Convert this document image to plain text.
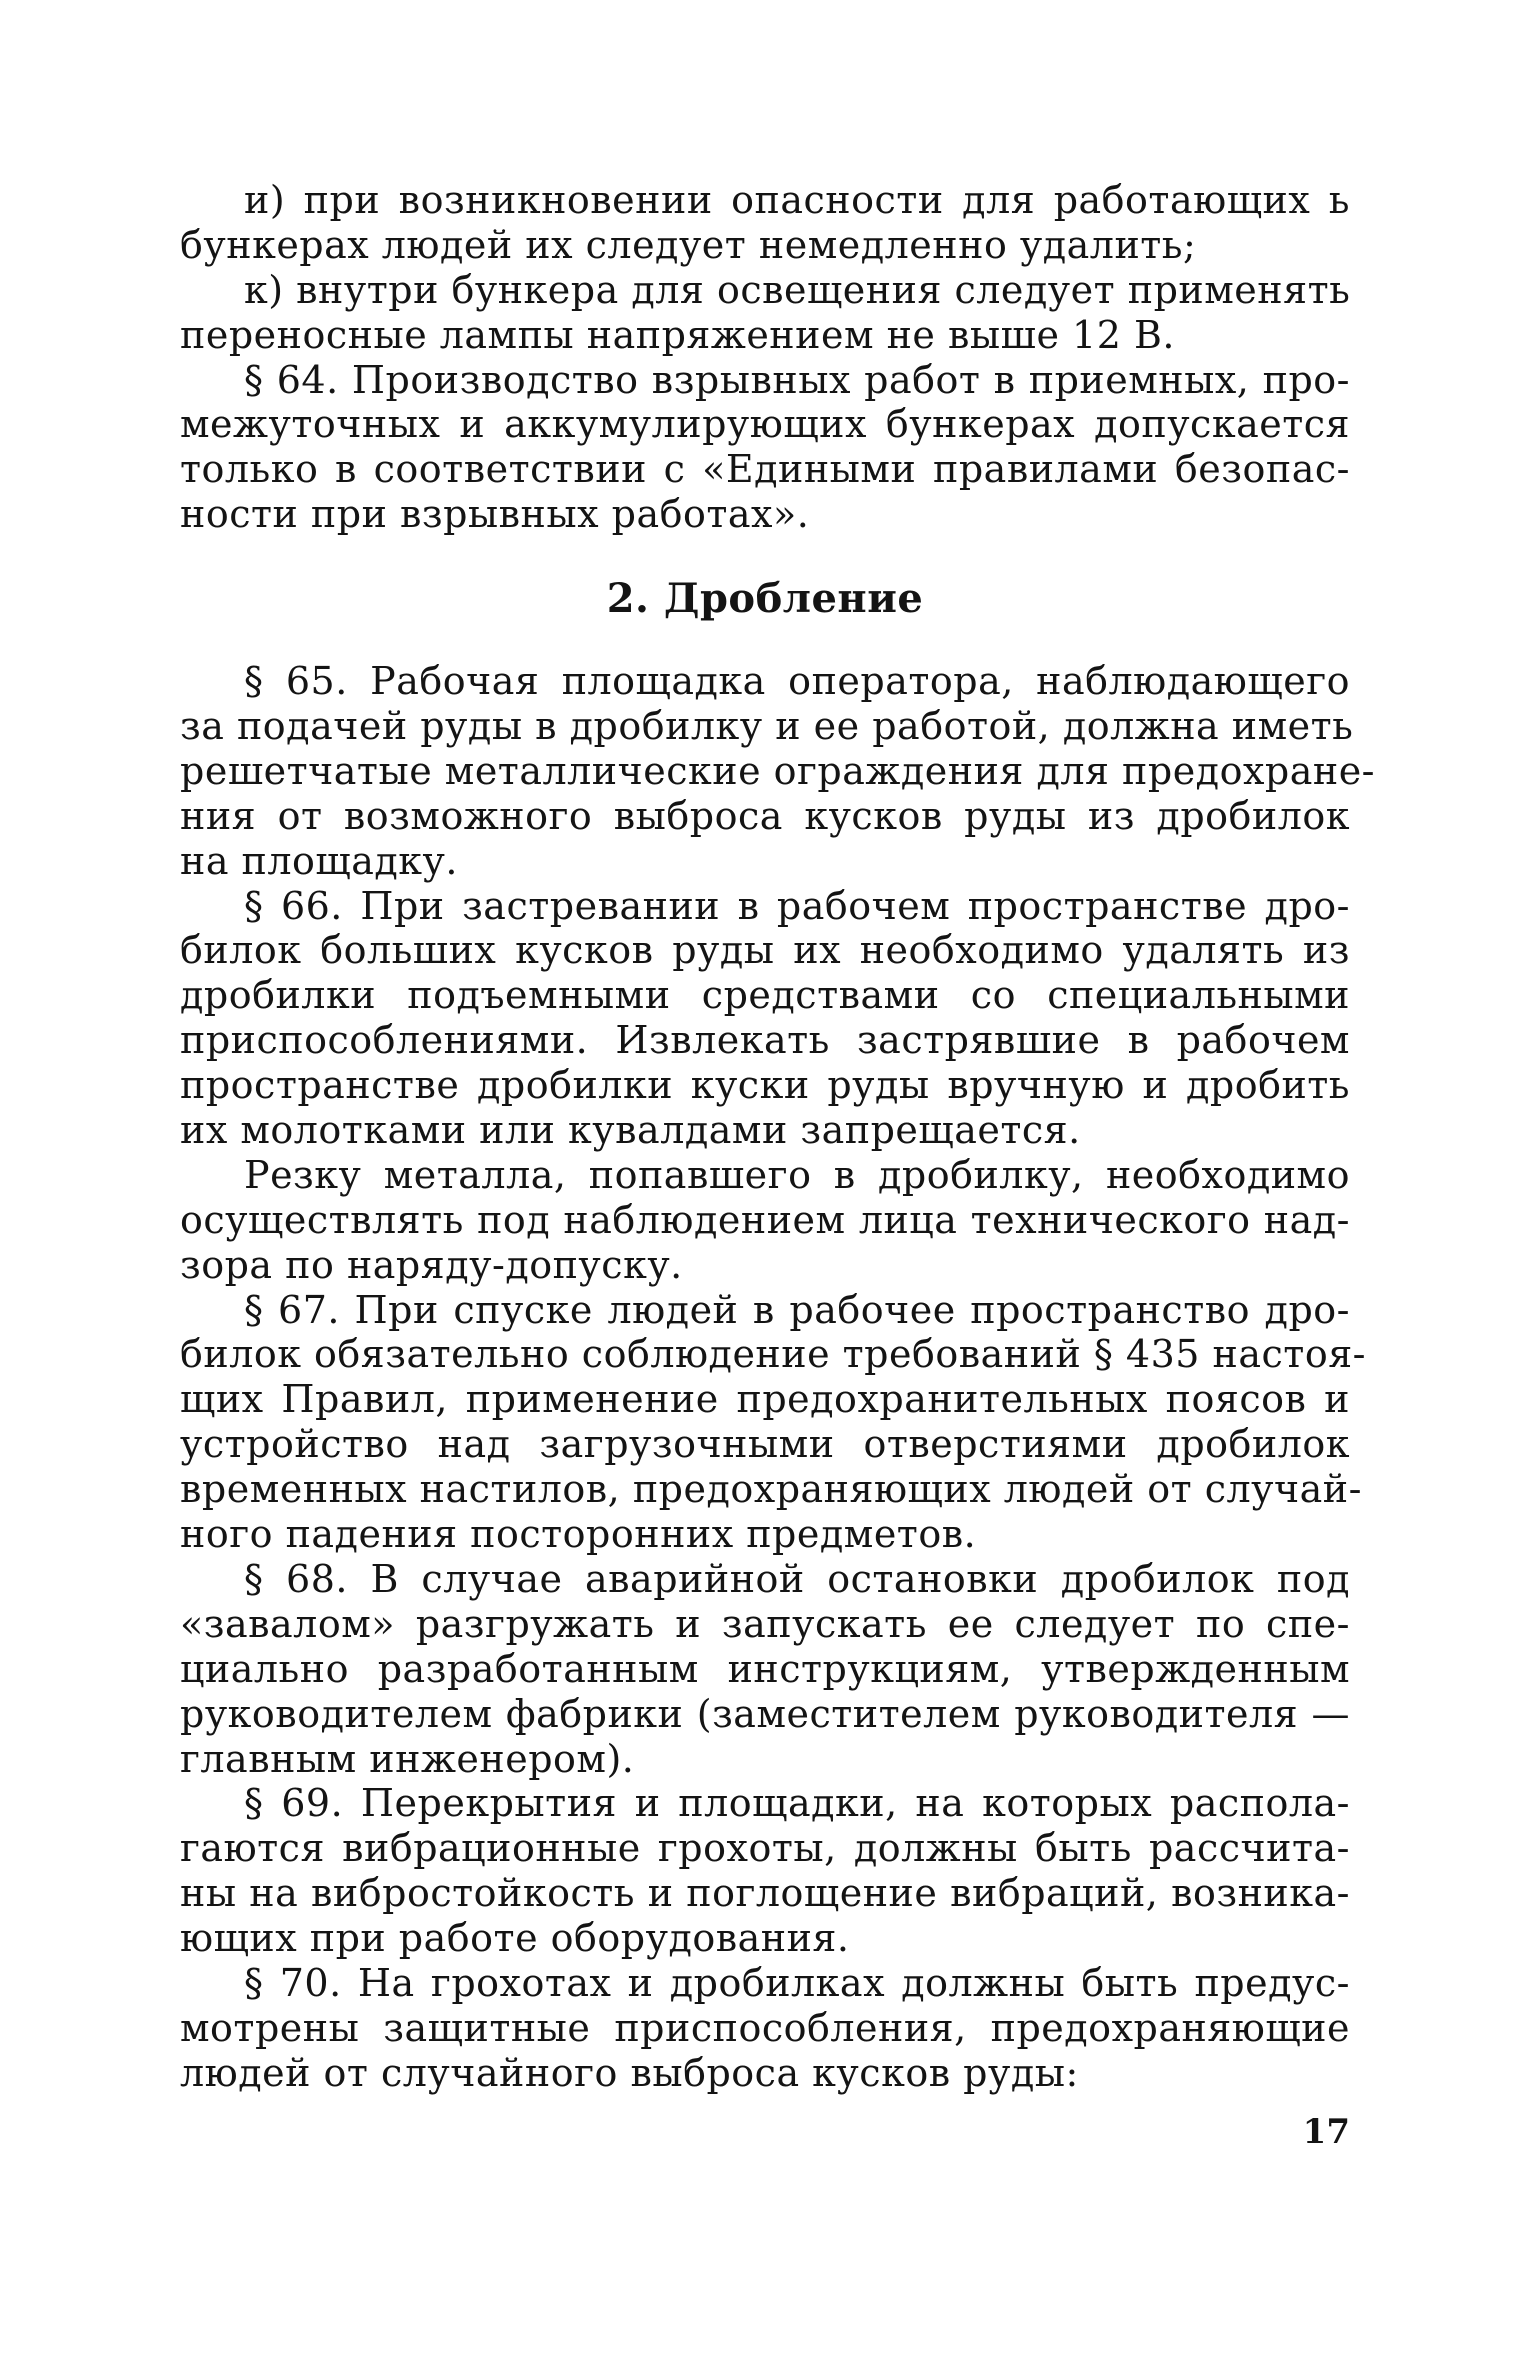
и) при возникновении опасности для работающих ь
бункерах людей их следует немедленно удалить;
к) внутри бункера для освещения следует применять
переносные лампы напряжением не выше 12 В.
§ 64. Производство взрывных работ в приемных, про-
межуточных и аккумулирующих бункерах допускается
только в соответствии с «Едиными правилами безопас-
ности при взрывных работах».
2. Дробление
§ 65. Рабочая площадка оператора, наблюдающего
за подачей руды в дробилку и ее работой, должна иметь
решетчатые металлические ограждения для предохране-
ния от возможного выброса кусков руды из дробилок
на площадку.
§ 66. При застревании в рабочем пространстве дро-
билок больших кусков руды их необходимо удалять из
дробилки подъемными средствами со специальными
приспособлениями. Извлекать застрявшие в рабочем
пространстве дробилки куски руды вручную и дробить
их молотками или кувалдами запрещается.
Резку металла, попавшего в дробилку, необходимо
осуществлять под наблюдением лица технического над-
зора по наряду-допуску.
§ 67. При спуске людей в рабочее пространство дро-
билок обязательно соблюдение требований § 435 настоя-
щих Правил, применение предохранительных поясов и
устройство над загрузочными отверстиями дробилок
временных настилов, предохраняющих людей от случай-
ного падения посторонних предметов.
§ 68. В случае аварийной остановки дробилок под
«завалом» разгружать и запускать ее следует по спе-
циально разработанным инструкциям, утвержденным
руководителем фабрики (заместителем руководителя —
главным инженером).
§ 69. Перекрытия и площадки, на которых распола-
гаются вибрационные грохоты, должны быть рассчита-
ны на вибростойкость и поглощение вибраций, возника-
ющих при работе оборудования.
§ 70. На грохотах и дробилках должны быть предус-
мотрены защитные приспособления, предохраняющие
людей от случайного выброса кусков руды:
17
